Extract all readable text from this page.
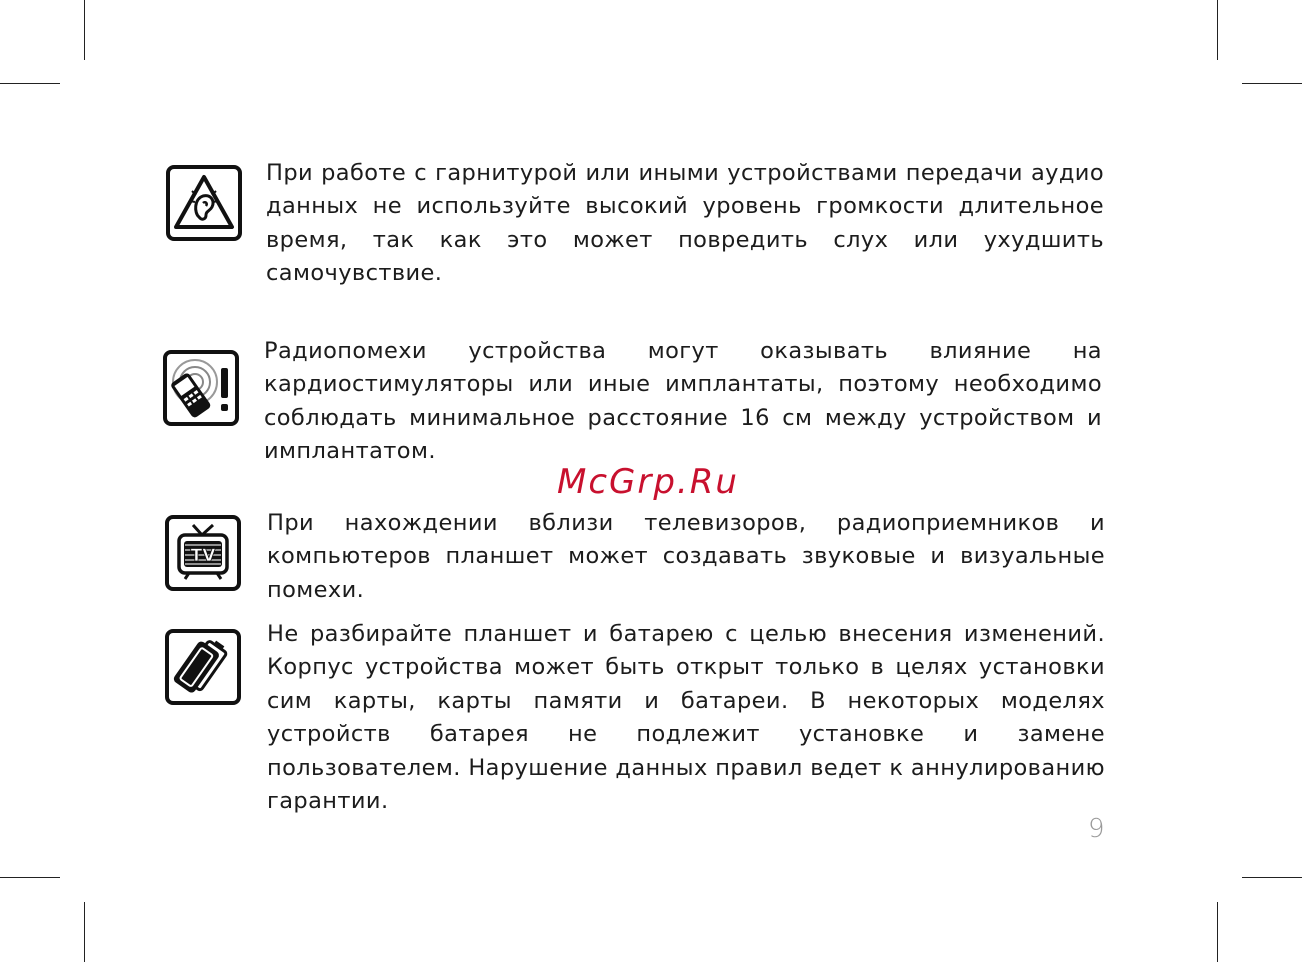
При работе с гарнитурой или иными устройствами передачи аудио данных не используйте высокий уровень громкости длительное время, так как это может повредить слух или ухудшить самочувствие.

Радиопомехи устройства могут оказывать влияние на кардиостимуляторы или иные имплантаты, поэтому необходимо соблюдать минимальное расстояние 16 см между устройством и имплантатом.

McGrp.Ru
TV

При нахождении вблизи телевизоров, радиоприемников и компьютеров планшет может создавать звуковые и визуальные помехи.

Не разбирайте планшет и батарею с целью внесения изменений. Корпус устройства может быть открыт только в целях установки сим карты, карты памяти и батареи. В некоторых моделях устройств батарея не подлежит установке и замене пользователем. Нарушение данных правил ведет к аннулированию гарантии.

9
